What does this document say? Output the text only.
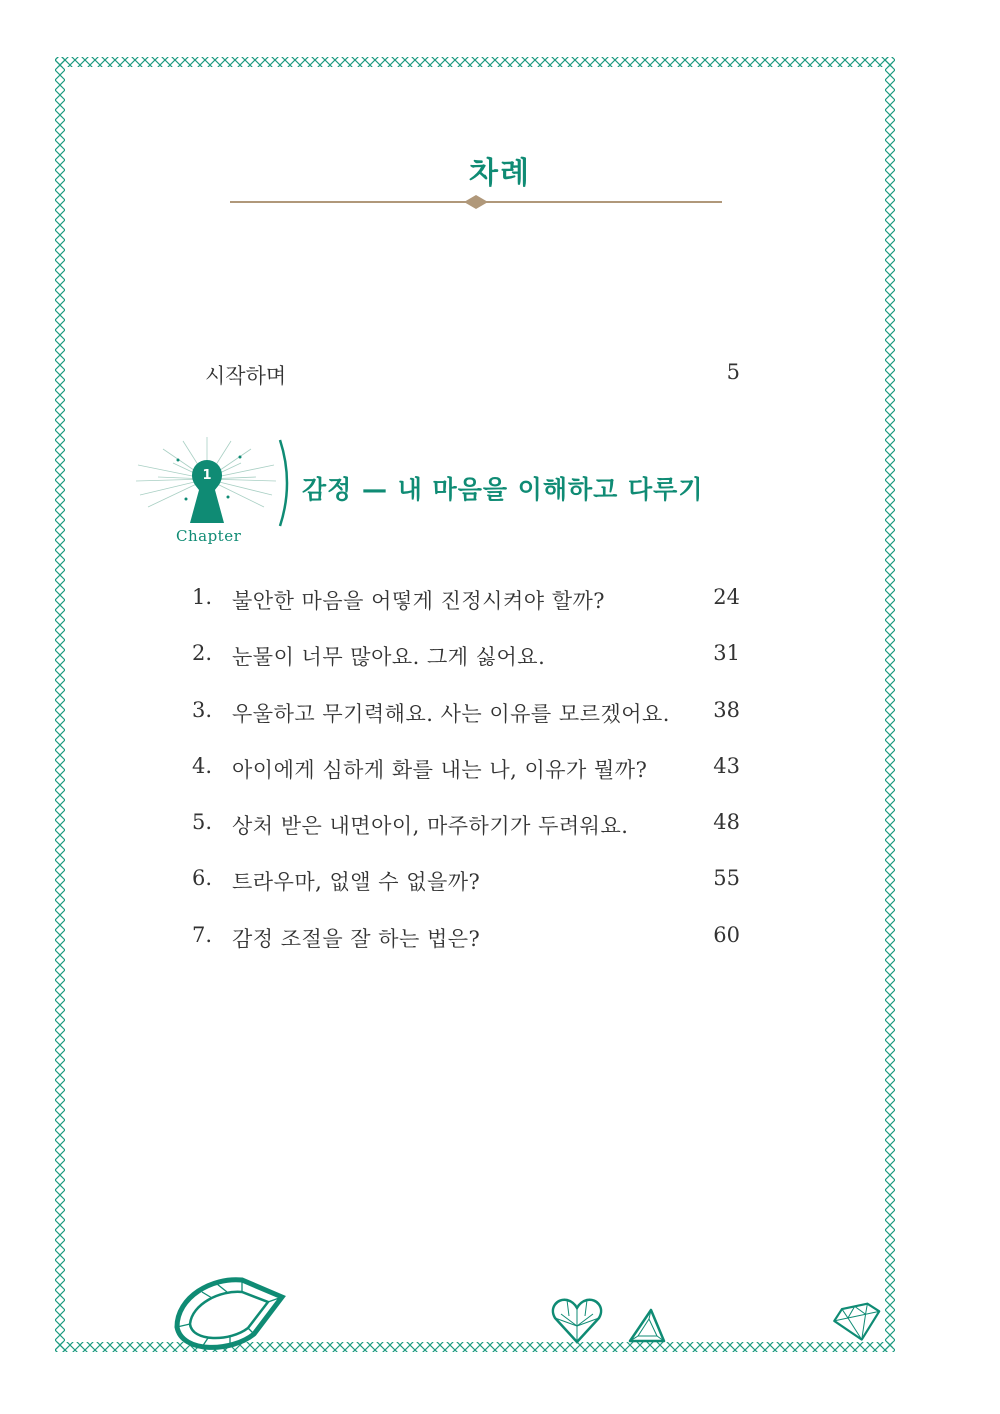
차례
시작하며	5
1
Chapter
감정 — 내 마음을 이해하고 다루기
1. 불안한 마음을 어떻게 진정시켜야 할까?	24
2. 눈물이 너무 많아요. 그게 싫어요.	31
3. 우울하고 무기력해요. 사는 이유를 모르겠어요. 38
4. 아이에게 심하게 화를 내는 나, 이유가 뭘까?	43
5. 상처 받은 내면아이, 마주하기가 두려워요.	48
6. 트라우마, 없앨 수 없을까?	55
7. 감정 조절을 잘 하는 법은?	60
